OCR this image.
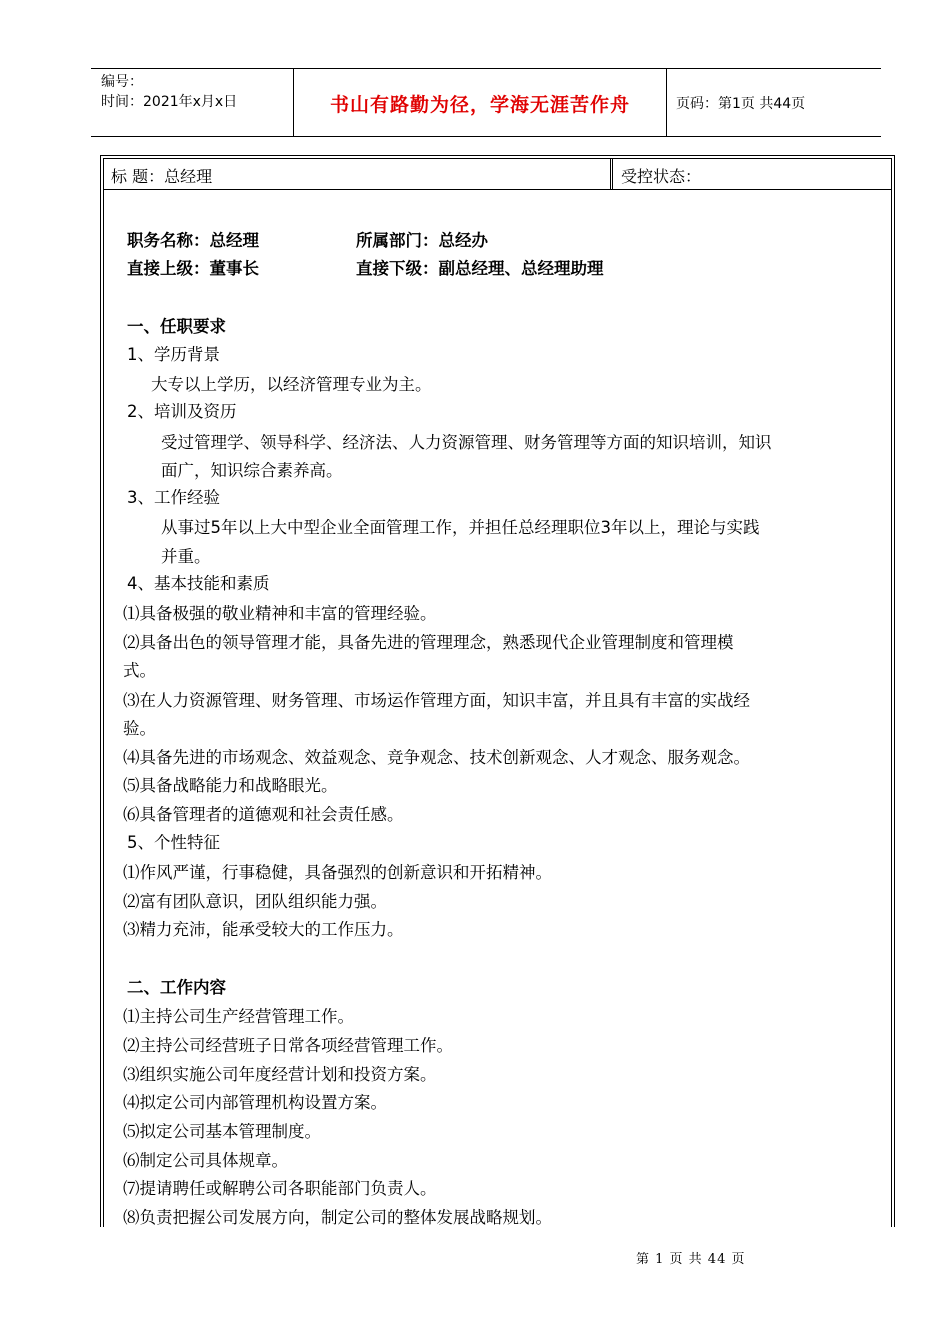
编号：
时间：2021年x月x日	书山有路勤为径，学海无涯苦作舟	页码：第1页 共44页
标 题：总经理	受控状态：
职务名称：总经理	所属部门：总经办
直接上级：董事长	直接下级：副总经理、总经理助理
一、任职要求
1、学历背景
大专以上学历，以经济管理专业为主。
2、培训及资历
受过管理学、领导科学、经济法、人力资源管理、财务管理等方面的知识培训，知识
面广，知识综合素养高。
3、工作经验
从事过5年以上大中型企业全面管理工作，并担任总经理职位3年以上，理论与实践
并重。
4、基本技能和素质
⑴具备极强的敬业精神和丰富的管理经验。
⑵具备出色的领导管理才能，具备先进的管理理念，熟悉现代企业管理制度和管理模
式。
⑶在人力资源管理、财务管理、市场运作管理方面，知识丰富，并且具有丰富的实战经
验。
⑷具备先进的市场观念、效益观念、竞争观念、技术创新观念、人才观念、服务观念。
⑸具备战略能力和战略眼光。
⑹具备管理者的道德观和社会责任感。
5、个性特征
⑴作风严谨，行事稳健，具备强烈的创新意识和开拓精神。
⑵富有团队意识，团队组织能力强。
⑶精力充沛，能承受较大的工作压力。
二、工作内容
⑴主持公司生产经营管理工作。
⑵主持公司经营班子日常各项经营管理工作。
⑶组织实施公司年度经营计划和投资方案。
⑷拟定公司内部管理机构设置方案。
⑸拟定公司基本管理制度。
⑹制定公司具体规章。
⑺提请聘任或解聘公司各职能部门负责人。
⑻负责把握公司发展方向，制定公司的整体发展战略规划。
第 1 页 共 44 页
